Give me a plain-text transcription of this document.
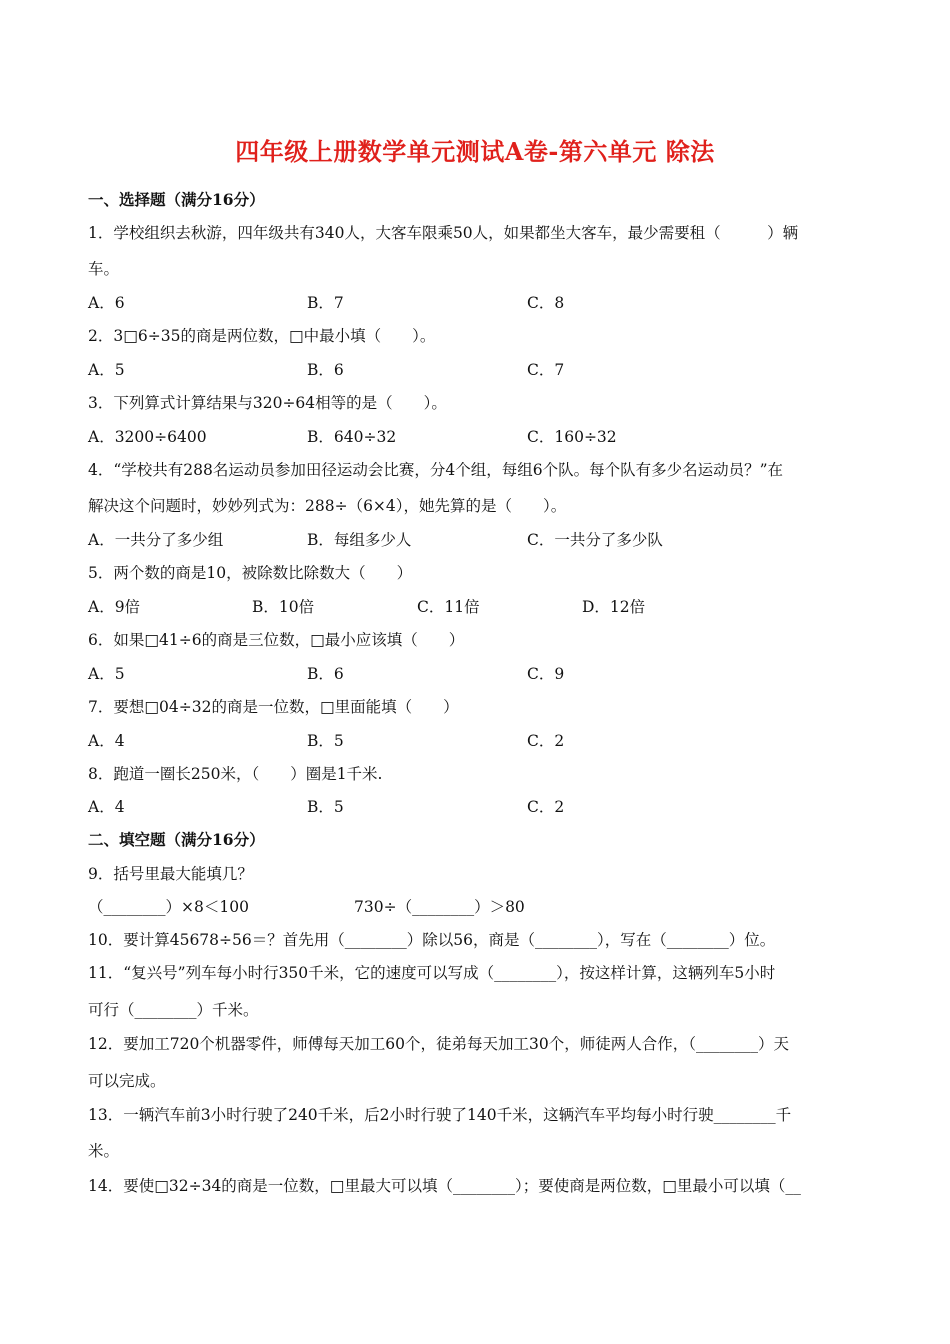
四年级上册数学单元测试A卷-第六单元 除法
一、选择题（满分16分）
1．学校组织去秋游，四年级共有340人，大客车限乘50人，如果都坐大客车，最少需要租（　　　）辆
车。
A．6	B．7	C．8
2．3□6÷35的商是两位数，□中最小填（　　）。
A．5	B．6	C．7
3．下列算式计算结果与320÷64相等的是（　　）。
A．3200÷6400	B．640÷32	C．160÷32
4．“学校共有288名运动员参加田径运动会比赛，分4个组，每组6个队。每个队有多少名运动员？”在
解决这个问题时，妙妙列式为：288÷（6×4），她先算的是（　　）。
A．一共分了多少组	B．每组多少人	C．一共分了多少队
5．两个数的商是10，被除数比除数大（　　）
A．9倍	B．10倍	C．11倍	D．12倍
6．如果□41÷6的商是三位数，□最小应该填（　　）
A．5	B．6	C．9
7．要想□04÷32的商是一位数，□里面能填（　　）
A．4	B．5	C．2
8．跑道一圈长250米，（　　）圈是1千米.
A．4	B．5	C．2
二、填空题（满分16分）
9．括号里最大能填几？
（________）×8＜100	730÷（________）＞80
10．要计算45678÷56＝？首先用（________）除以56，商是（________），写在（________）位。
11．“复兴号”列车每小时行350千米，它的速度可以写成（________），按这样计算，这辆列车5小时
可行（________）千米。
12．要加工720个机器零件，师傅每天加工60个，徒弟每天加工30个，师徒两人合作，（________）天
可以完成。
13．一辆汽车前3小时行驶了240千米，后2小时行驶了140千米，这辆汽车平均每小时行驶________千
米。
14．要使□32÷34的商是一位数，□里最大可以填（________）；要使商是两位数，□里最小可以填（__
